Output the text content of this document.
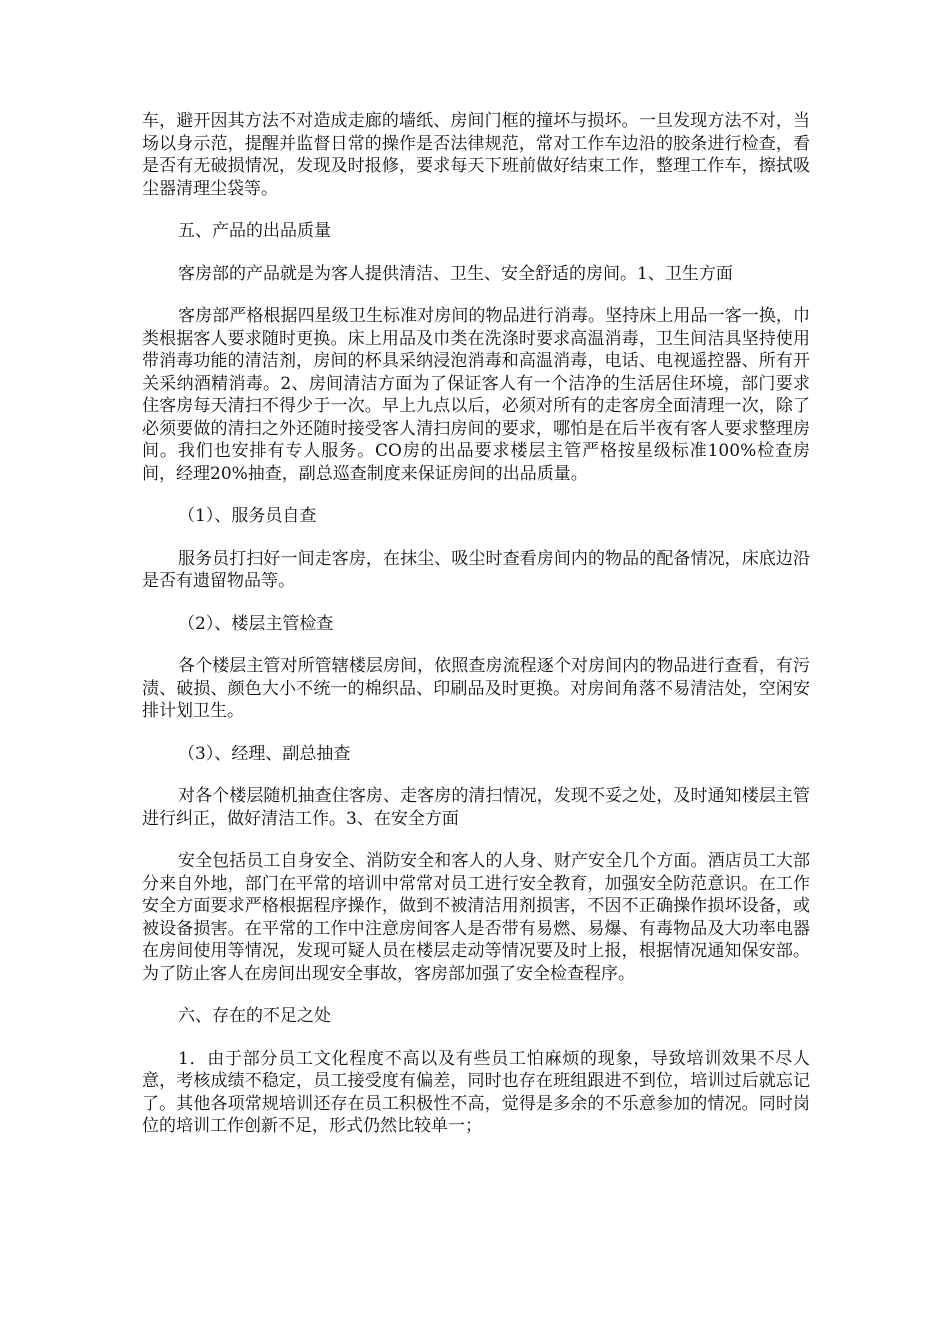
车，避开因其方法不对造成走廊的墙纸、房间门框的撞坏与损坏。一旦发现方法不对，当场以身示范，提醒并监督日常的操作是否法律规范，常对工作车边沿的胶条进行检查，看是否有无破损情况，发现及时报修，要求每天下班前做好结束工作，整理工作车，擦拭吸尘器清理尘袋等。

五、产品的出品质量

客房部的产品就是为客人提供清洁、卫生、安全舒适的房间。1、卫生方面

客房部严格根据四星级卫生标准对房间的物品进行消毒。坚持床上用品一客一换，巾类根据客人要求随时更换。床上用品及巾类在洗涤时要求高温消毒，卫生间洁具坚持使用带消毒功能的清洁剂，房间的杯具采纳浸泡消毒和高温消毒，电话、电视遥控器、所有开关采纳酒精消毒。2、房间清洁方面为了保证客人有一个洁净的生活居住环境，部门要求住客房每天清扫不得少于一次。早上九点以后，必须对所有的走客房全面清理一次，除了必须要做的清扫之外还随时接受客人清扫房间的要求，哪怕是在后半夜有客人要求整理房间。我们也安排有专人服务。CO房的出品要求楼层主管严格按星级标准100%检查房间，经理20%抽查，副总巡查制度来保证房间的出品质量。

（1）、服务员自查

服务员打扫好一间走客房，在抹尘、吸尘时查看房间内的物品的配备情况，床底边沿是否有遗留物品等。

（2）、楼层主管检查

各个楼层主管对所管辖楼层房间，依照查房流程逐个对房间内的物品进行查看，有污渍、破损、颜色大小不统一的棉织品、印刷品及时更换。对房间角落不易清洁处，空闲安排计划卫生。

（3）、经理、副总抽查

对各个楼层随机抽查住客房、走客房的清扫情况，发现不妥之处，及时通知楼层主管进行纠正，做好清洁工作。3、在安全方面

安全包括员工自身安全、消防安全和客人的人身、财产安全几个方面。酒店员工大部分来自外地，部门在平常的培训中常常对员工进行安全教育，加强安全防范意识。在工作安全方面要求严格根据程序操作，做到不被清洁用剂损害，不因不正确操作损坏设备，或被设备损害。在平常的工作中注意房间客人是否带有易燃、易爆、有毒物品及大功率电器在房间使用等情况，发现可疑人员在楼层走动等情况要及时上报，根据情况通知保安部。为了防止客人在房间出现安全事故，客房部加强了安全检查程序。

六、存在的不足之处

1．由于部分员工文化程度不高以及有些员工怕麻烦的现象，导致培训效果不尽人意，考核成绩不稳定，员工接受度有偏差，同时也存在班组跟进不到位，培训过后就忘记了。其他各项常规培训还存在员工积极性不高，觉得是多余的不乐意参加的情况。同时岗位的培训工作创新不足，形式仍然比较单一；
